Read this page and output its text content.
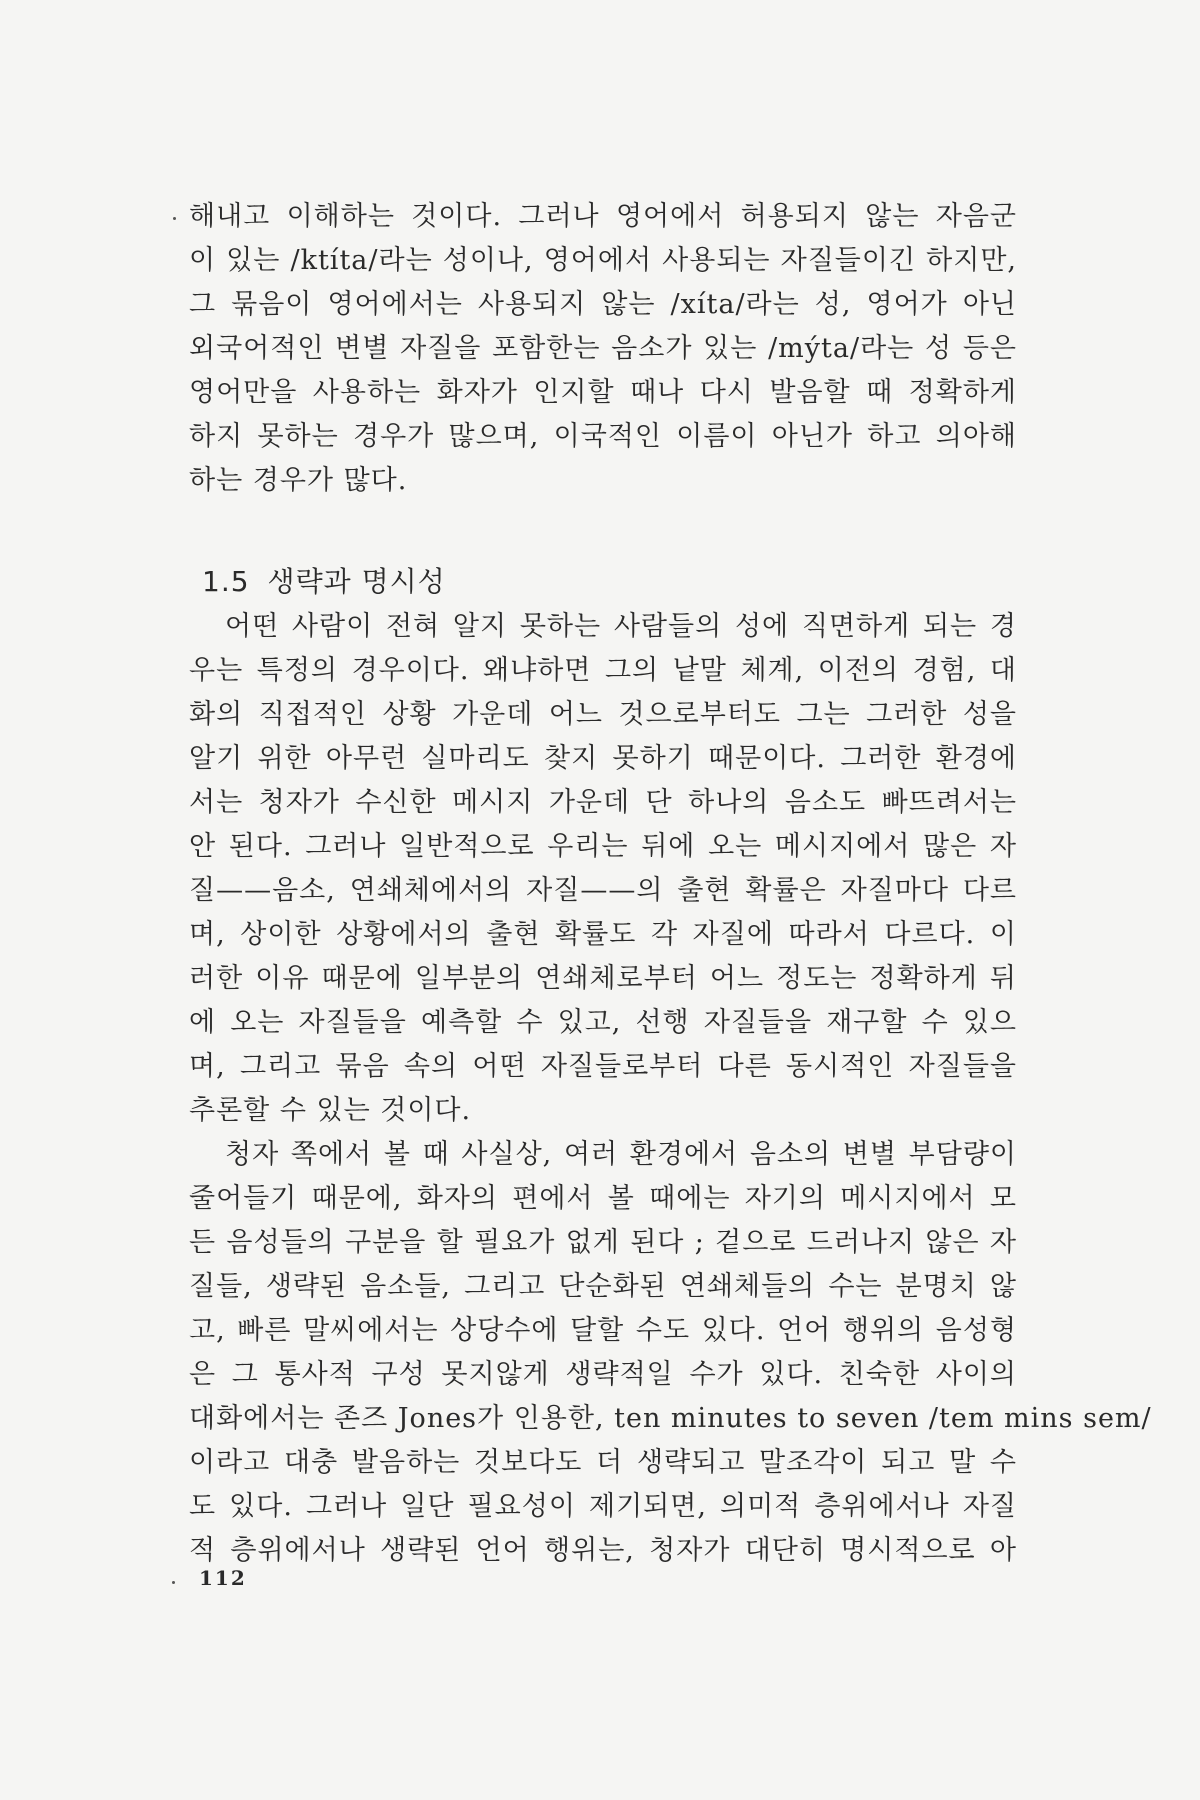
해내고 이해하는 것이다. 그러나 영어에서 허용되지 않는 자음군
이 있는 /ktíta/라는 성이나, 영어에서 사용되는 자질들이긴 하지만,
그 묶음이 영어에서는 사용되지 않는 /xíta/라는 성, 영어가 아닌
외국어적인 변별 자질을 포함한는 음소가 있는 /mýta/라는 성 등은
영어만을 사용하는 화자가 인지할 때나 다시 발음할 때 정확하게
하지 못하는 경우가 많으며, 이국적인 이름이 아닌가 하고 의아해
하는 경우가 많다.
1.5 생략과 명시성
어떤 사람이 전혀 알지 못하는 사람들의 성에 직면하게 되는 경
우는 특정의 경우이다. 왜냐하면 그의 낱말 체계, 이전의 경험, 대
화의 직접적인 상황 가운데 어느 것으로부터도 그는 그러한 성을
알기 위한 아무런 실마리도 찾지 못하기 때문이다. 그러한 환경에
서는 청자가 수신한 메시지 가운데 단 하나의 음소도 빠뜨려서는
안 된다. 그러나 일반적으로 우리는 뒤에 오는 메시지에서 많은 자
질——음소, 연쇄체에서의 자질——의 출현 확률은 자질마다 다르
며, 상이한 상황에서의 출현 확률도 각 자질에 따라서 다르다. 이
러한 이유 때문에 일부분의 연쇄체로부터 어느 정도는 정확하게 뒤
에 오는 자질들을 예측할 수 있고, 선행 자질들을 재구할 수 있으
며, 그리고 묶음 속의 어떤 자질들로부터 다른 동시적인 자질들을
추론할 수 있는 것이다.
청자 쪽에서 볼 때 사실상, 여러 환경에서 음소의 변별 부담량이
줄어들기 때문에, 화자의 편에서 볼 때에는 자기의 메시지에서 모
든 음성들의 구분을 할 필요가 없게 된다 ; 겉으로 드러나지 않은 자
질들, 생략된 음소들, 그리고 단순화된 연쇄체들의 수는 분명치 않
고, 빠른 말씨에서는 상당수에 달할 수도 있다. 언어 행위의 음성형
은 그 통사적 구성 못지않게 생략적일 수가 있다. 친숙한 사이의
대화에서는 존즈 Jones가 인용한, ten minutes to seven /tem mins sem/
이라고 대충 발음하는 것보다도 더 생략되고 말조각이 되고 말 수
도 있다. 그러나 일단 필요성이 제기되면, 의미적 층위에서나 자질
적 층위에서나 생략된 언어 행위는, 청자가 대단히 명시적으로 아
112
